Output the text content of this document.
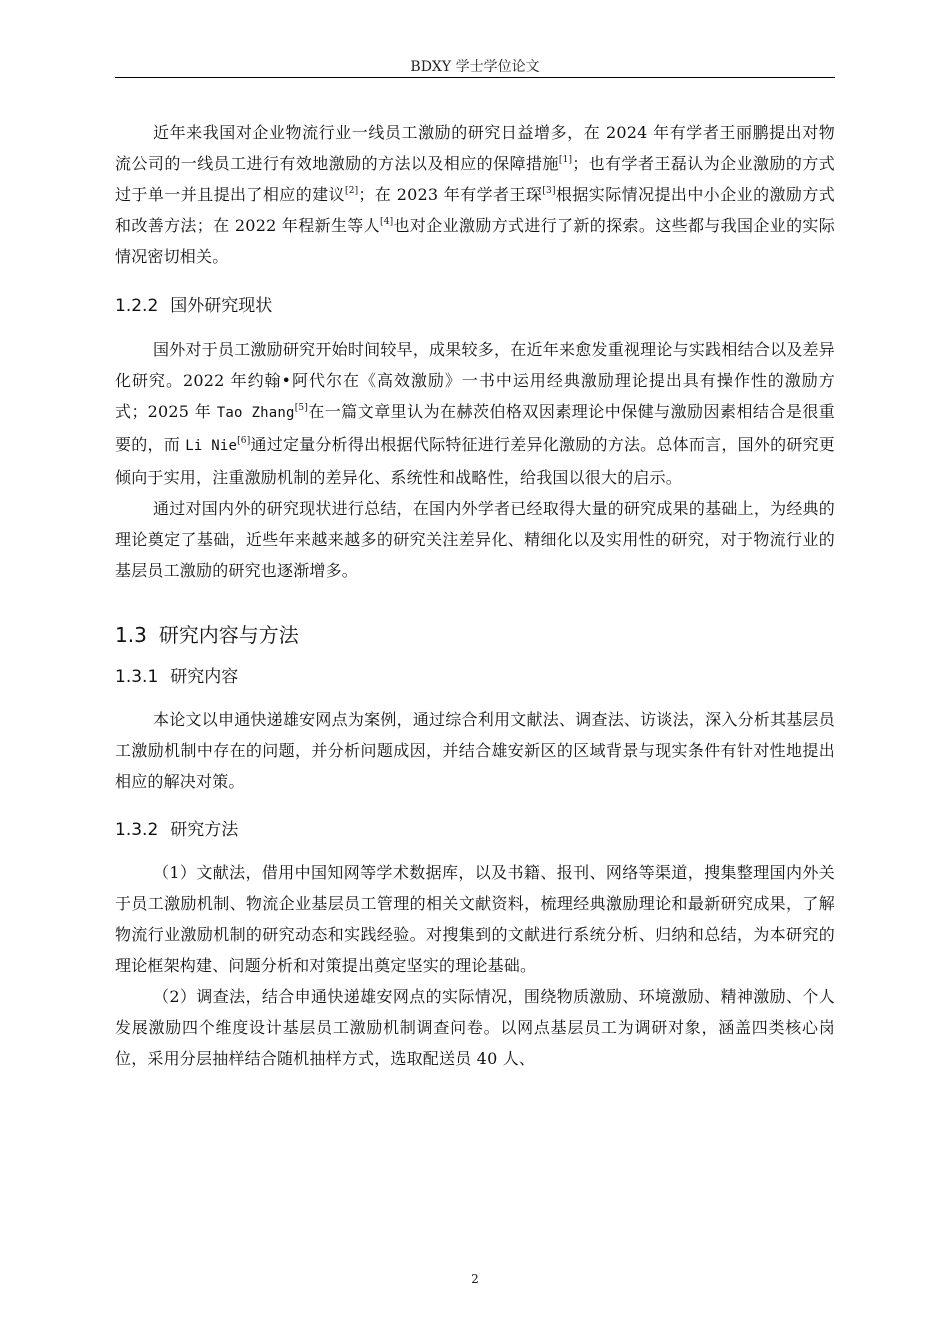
BDXY 学士学位论文

近年来我国对企业物流行业一线员工激励的研究日益增多，在 2024 年有学者王丽鹏提出对物流公司的一线员工进行有效地激励的方法以及相应的保障措施[1]；也有学者王磊认为企业激励的方式过于单一并且提出了相应的建议[2]；在 2023 年有学者王琛[3]根据实际情况提出中小企业的激励方式和改善方法；在 2022 年程新生等人[4]也对企业激励方式进行了新的探索。这些都与我国企业的实际情况密切相关。

1.2.2 国外研究现状

国外对于员工激励研究开始时间较早，成果较多，在近年来愈发重视理论与实践相结合以及差异化研究。2022 年约翰•阿代尔在《高效激励》一书中运用经典激励理论提出具有操作性的激励方式；2025 年 Tao Zhang[5]在一篇文章里认为在赫茨伯格双因素理论中保健与激励因素相结合是很重要的，而 Li Nie[6]通过定量分析得出根据代际特征进行差异化激励的方法。总体而言，国外的研究更倾向于实用，注重激励机制的差异化、系统性和战略性，给我国以很大的启示。

通过对国内外的研究现状进行总结，在国内外学者已经取得大量的研究成果的基础上，为经典的理论奠定了基础，近些年来越来越多的研究关注差异化、精细化以及实用性的研究，对于物流行业的基层员工激励的研究也逐渐增多。

1.3 研究内容与方法
1.3.1 研究内容

本论文以申通快递雄安网点为案例，通过综合利用文献法、调查法、访谈法，深入分析其基层员工激励机制中存在的问题，并分析问题成因，并结合雄安新区的区域背景与现实条件有针对性地提出相应的解决对策。

1.3.2 研究方法

（1）文献法，借用中国知网等学术数据库，以及书籍、报刊、网络等渠道，搜集整理国内外关于员工激励机制、物流企业基层员工管理的相关文献资料，梳理经典激励理论和最新研究成果，了解物流行业激励机制的研究动态和实践经验。对搜集到的文献进行系统分析、归纳和总结，为本研究的理论框架构建、问题分析和对策提出奠定坚实的理论基础。

（2）调查法，结合申通快递雄安网点的实际情况，围绕物质激励、环境激励、精神激励、个人发展激励四个维度设计基层员工激励机制调查问卷。以网点基层员工为调研对象，涵盖四类核心岗位，采用分层抽样结合随机抽样方式，选取配送员 40 人、

2
